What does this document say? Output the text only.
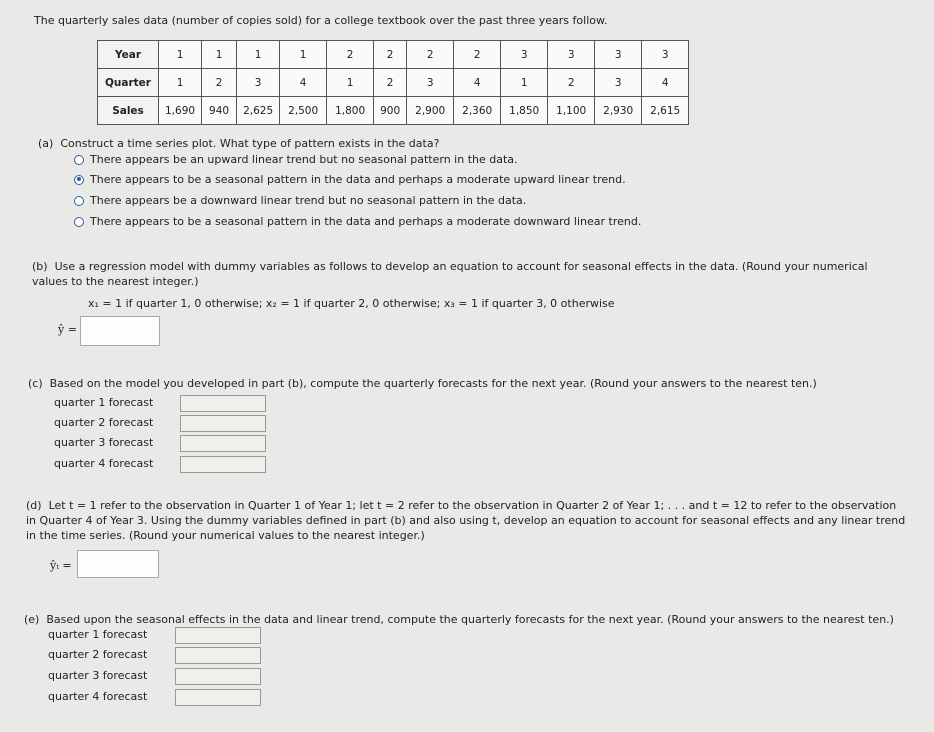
The quarterly sales data (number of copies sold) for a college textbook over the past three years follow.
Year	1	1	1	1	2	2	2	2	3	3	3	3
Quarter	1	2	3	4	1	2	3	4	1	2	3	4
Sales	1,690	940	2,625	2,500	1,800	900	2,900	2,360	1,850	1,100	2,930	2,615
(a) Construct a time series plot. What type of pattern exists in the data?
There appears be an upward linear trend but no seasonal pattern in the data.
There appears to be a seasonal pattern in the data and perhaps a moderate upward linear trend.
There appears be a downward linear trend but no seasonal pattern in the data.
There appears to be a seasonal pattern in the data and perhaps a moderate downward linear trend.
(b) Use a regression model with dummy variables as follows to develop an equation to account for seasonal effects in the data. (Round your numerical values to the nearest integer.)
x₁ = 1 if quarter 1, 0 otherwise; x₂ = 1 if quarter 2, 0 otherwise; x₃ = 1 if quarter 3, 0 otherwise
ŷ =
(c) Based on the model you developed in part (b), compute the quarterly forecasts for the next year. (Round your answers to the nearest ten.)
quarter 1 forecast
quarter 2 forecast
quarter 3 forecast
quarter 4 forecast
(d) Let t = 1 refer to the observation in Quarter 1 of Year 1; let t = 2 refer to the observation in Quarter 2 of Year 1; . . . and t = 12 to refer to the observation in Quarter 4 of Year 3. Using the dummy variables defined in part (b) and also using t, develop an equation to account for seasonal effects and any linear trend in the time series. (Round your numerical values to the nearest integer.)
ŷₜ =
(e) Based upon the seasonal effects in the data and linear trend, compute the quarterly forecasts for the next year. (Round your answers to the nearest ten.)
quarter 1 forecast
quarter 2 forecast
quarter 3 forecast
quarter 4 forecast
